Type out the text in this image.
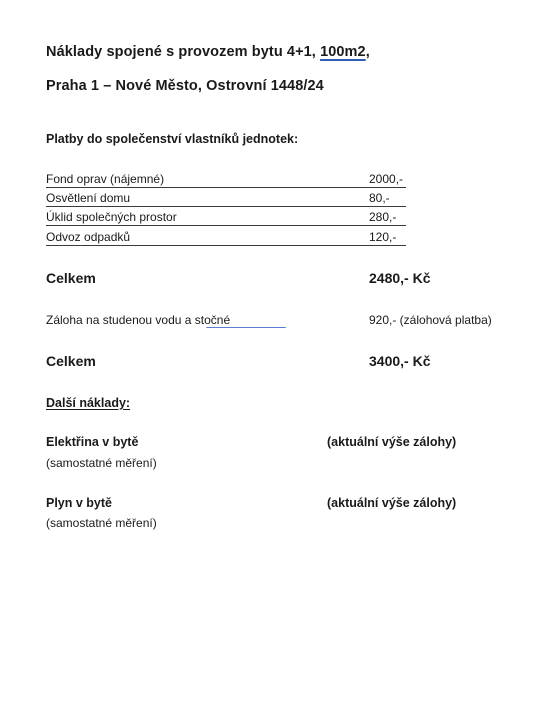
Náklady spojené s provozem bytu 4+1, 100m2,
Praha 1 – Nové Město, Ostrovní 1448/24
Platby do společenství vlastníků jednotek:
Fond oprav (nájemné)	2000,-
Osvětlení domu	80,-
Úklid společných prostor	280,-
Odvoz odpadků	120,-
Celkem	2480,- Kč
Záloha na studenou vodu a stočné	920,- (zálohová platba)
Celkem	3400,- Kč
Další náklady:
Elektřina v bytě	(aktuální výše zálohy)
(samostatné měření)
Plyn v bytě	(aktuální výše zálohy)
(samostatné měření)
